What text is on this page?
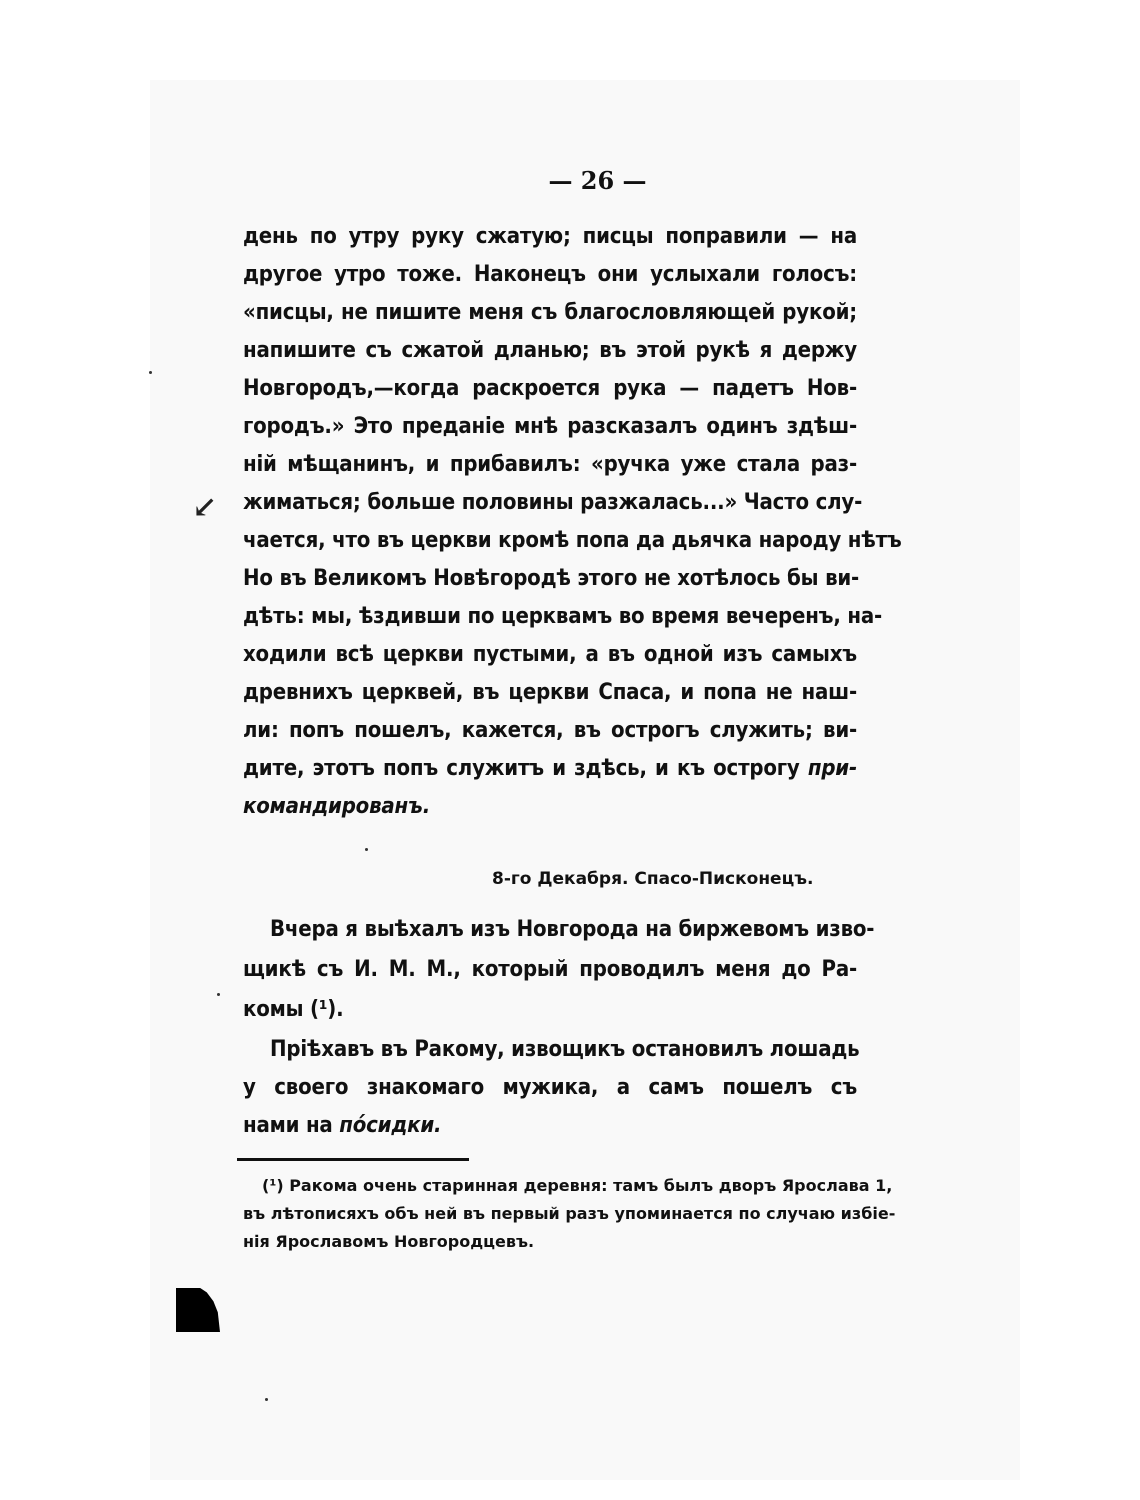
— 26 —
день по утру руку сжатую; писцы поправили — на
другое утро тоже. Наконецъ они услыхали голосъ:
«писцы, не пишите меня съ благословляющей рукой;
напишите съ сжатой дланью; въ этой рукѣ я держу
Новгородъ,—когда раскроется рука — падетъ Нов-
городъ.» Это преданіе мнѣ разсказалъ одинъ здѣш-
ній мѣщанинъ, и прибавилъ: «ручка уже стала раз-
жиматься; больше половины разжалась...» Часто слу-
чается, что въ церкви кромѣ попа да дьячка народу нѣтъ
Но въ Великомъ Новѣгородѣ этого не хотѣлось бы ви-
дѣть: мы, ѣздивши по церквамъ во время вечеренъ, на-
ходили всѣ церкви пустыми, а въ одной изъ самыхъ
древнихъ церквей, въ церкви Спаса, и попа не наш-
ли: попъ пошелъ, кажется, въ острогъ служить; ви-
дите, этотъ попъ служитъ и здѣсь, и къ острогу при-
командированъ.
8-го Декабря. Спасо-Писконецъ.
Вчера я выѣхалъ изъ Новгорода на биржевомъ изво-
щикѣ съ И. М. М., который проводилъ меня до Ра-
комы (¹).
Пріѣхавъ въ Ракому, извощикъ остановилъ лошадь
у своего знакомаго мужика, а самъ пошелъ съ
нами на пóсидки.
(¹) Ракома очень старинная деревня: тамъ былъ дворъ Ярослава 1,
въ лѣтописяхъ объ ней въ первый разъ упоминается по случаю избіе-
нія Ярославомъ Новгородцевъ.
↙
